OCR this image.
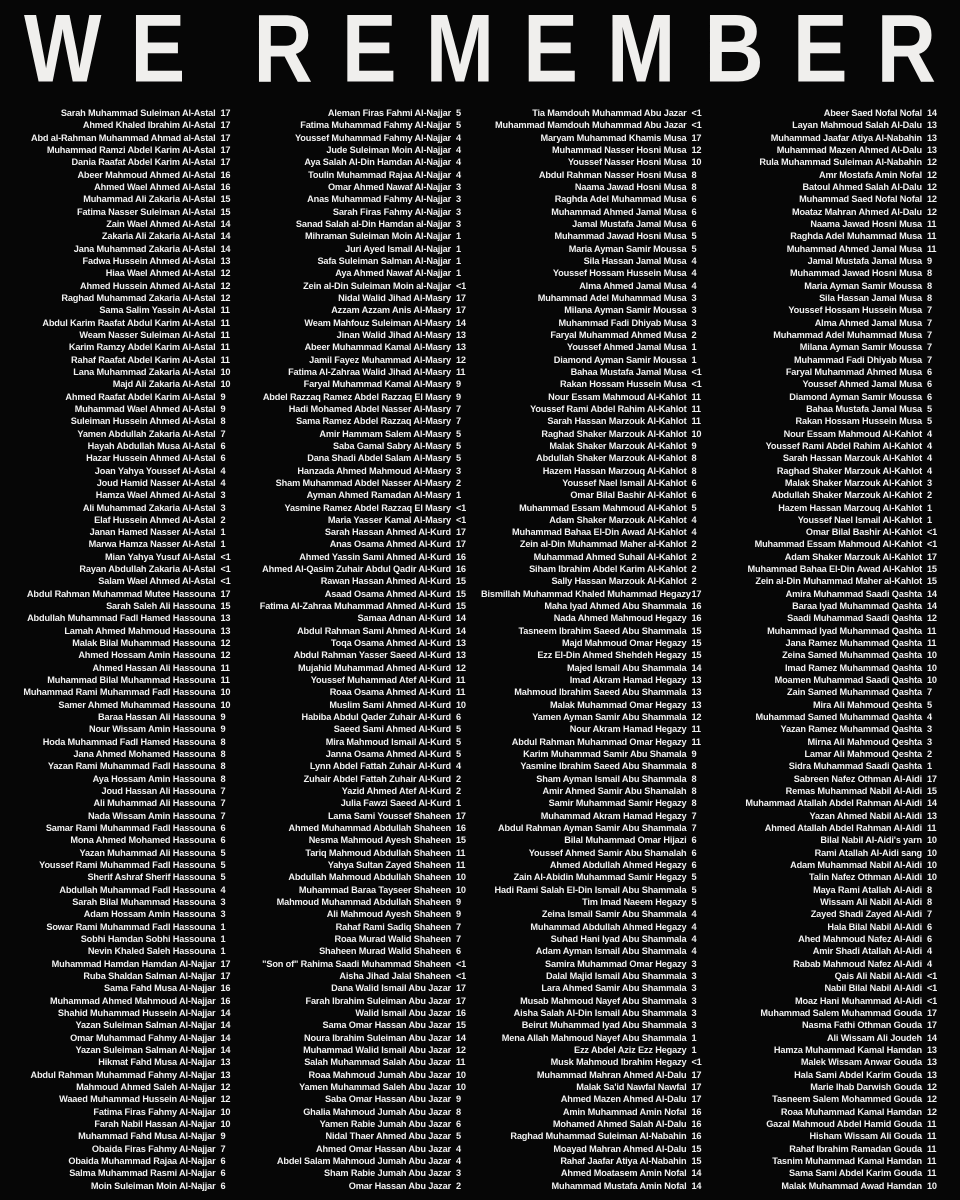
W E
R E M E M B E R
Sarah Muhammad Suleiman Al-Astal 17
Ahmed Khaled Ibrahim Al-Astal 17
Abd al-Rahman Muhammad Ahmad al-Astal 17
Muhammad Ramzi Abdel Karim Al-Astal 17
Dania Raafat Abdel Karim Al-Astal 17
Abeer Mahmoud Ahmed Al-Astal 16
Ahmed Wael Ahmed Al-Astal 16
Muhammad Ali Zakaria Al-Astal 15
Fatima Nasser Suleiman Al-Astal 15
Zain Wael Ahmed Al-Astal 14
Zakaria Ali Zakaria Al-Astal 14
Jana Muhammad Zakaria Al-Astal 14
Fadwa Hussein Ahmed Al-Astal 13
Hiaa Wael Ahmed Al-Astal 12
Ahmed Hussein Ahmed Al-Astal 12
Raghad Muhammad Zakaria Al-Astal 12
Sama Salim Yassin Al-Astal 11
Abdul Karim Raafat Abdul Karim Al-Astal 11
Weam Nasser Suleiman Al-Astal 11
Karim Ramzy Abdel Karim Al-Astal 11
Rahaf Raafat Abdel Karim Al-Astal 11
Lana Muhammad Zakaria Al-Astal 10
Majd Ali Zakaria Al-Astal 10
Ahmed Raafat Abdel Karim Al-Astal 9
Muhammad Wael Ahmed Al-Astal 9
Suleiman Hussein Ahmed Al-Astal 8
Yamen Abdullah Zakaria Al-Astal 7
Hayah Abdullah Musa Al-Astal 6
Hazar Hussein Ahmed Al-Astal 6
Joan Yahya Youssef Al-Astal 4
Joud Hamid Nasser Al-Astal 4
Hamza Wael Ahmed Al-Astal 3
Ali Muhammad Zakaria Al-Astal 3
Elaf Hussein Ahmed Al-Astal 2
Janan Hamed Nasser Al-Astal 1
Marwa Hamza Nasser Al-Astal 1
Mian Yahya Yusuf Al-Astal <1
Rayan Abdullah Zakaria Al-Astal <1
Salam Wael Ahmed Al-Astal <1
Abdul Rahman Muhammad Mutee Hassouna 17
Sarah Saleh Ali Hassouna 15
Abdullah Muhammad Fadl Hamed Hassouna 13
Lamah Ahmed Mahmoud Hassouna 13
Malak Bilal Muhammad Hassouna 12
Ahmed Hossam Amin Hassouna 12
Ahmed Hassan Ali Hassouna 11
Muhammad Bilal Muhammad Hassouna 11
Muhammad Rami Muhammad Fadl Hassouna 10
Samer Ahmed Muhammad Hassouna 10
Baraa Hassan Ali Hassouna 9
Nour Wissam Amin Hassouna 9
Hoda Muhammad Fadl Hamed Hassouna 8
Jana Ahmed Mohamed Hassouna 8
Yazan Rami Muhammad Fadl Hassouna 8
Aya Hossam Amin Hassouna 8
Joud Hassan Ali Hassouna 7
Ali Muhammad Ali Hassouna 7
Nada Wissam Amin Hassouna 7
Samar Rami Muhammad Fadl Hassouna 6
Mona Ahmed Mohamed Hassouna 6
Yazan Muhammad Ali Hassouna 5
Youssef Rami Muhammad Fadl Hassouna 5
Sherif Ashraf Sherif Hassouna 5
Abdullah Muhammad Fadl Hassouna 4
Sarah Bilal Muhammad Hassouna 3
Adam Hossam Amin Hassouna 3
Sowar Rami Muhammad Fadl Hassouna 1
Sobhi Hamdan Sobhi Hassouna 1
Nevin Khaled Saleh Hassouna 1
Muhammad Hamdan Hamdan Al-Najjar 17
Ruba Shaldan Salman Al-Najjar 17
Sama Fahd Musa Al-Najjar 16
Muhammad Ahmed Mahmoud Al-Najjar 16
Shahid Muhammad Hussein Al-Najjar 14
Yazan Suleiman Salman Al-Najjar 14
Omar Muhammad Fahmy Al-Najjar 14
Yazan Suleiman Salman Al-Najjar 14
Hikmat Fahd Musa Al-Najjar 13
Abdul Rahman Muhammad Fahmy Al-Najjar 13
Mahmoud Ahmed Saleh Al-Najjar 12
Waaed Muhammad Hussein Al-Najjar 12
Fatima Firas Fahmy Al-Najjar 10
Farah Nabil Hassan Al-Najjar 10
Muhammad Fahd Musa Al-Najjar 9
Obaida Firas Fahmy Al-Najjar 7
Obaida Muhammad Rajaa Al-Najjar 6
Salma Muhammad Rasmi Al-Najjar 6
Moin Suleiman Moin Al-Najjar 6
Aleman Firas Fahmi Al-Najjar 5
Fatima Muhammad Fahmy Al-Najjar 5
Youssef Muhammad Fahmy Al-Najjar 4
Jude Suleiman Moin Al-Najjar 4
Aya Salah Al-Din Hamdan Al-Najjar 4
Toulin Muhammad Rajaa Al-Najjar 4
Omar Ahmed Nawaf Al-Najjar 3
Anas Muhammad Fahmy Al-Najjar 3
Sarah Firas Fahmy Al-Najjar 3
Sanad Salah al-Din Hamdan al-Najjar 3
Mihraman Suleiman Moin Al-Najjar 1
Juri Ayed Ismail Al-Najjar 1
Safa Suleiman Salman Al-Najjar 1
Aya Ahmed Nawaf Al-Najjar 1
Zein al-Din Suleiman Moin al-Najjar <1
Nidal Walid Jihad Al-Masry 17
Azzam Azzam Anis Al-Masry 17
Weam Mahfouz Suleiman Al-Masry 14
Jinan Walid Jihad Al-Masry 13
Abeer Muhammad Kamal Al-Masry 13
Jamil Fayez Muhammad Al-Masry 12
Fatima Al-Zahraa Walid Jihad Al-Masry 11
Faryal Muhammad Kamal Al-Masry 9
Abdel Razzaq Ramez Abdel Razzaq El Masry 9
Hadi Mohamed Abdel Nasser Al-Masry 7
Sama Ramez Abdel Razzaq Al-Masry 7
Amir Hammam Salem Al-Masry 5
Saba Gamal Sabry Al-Masry 5
Dana Shadi Abdel Salam Al-Masry 5
Hanzada Ahmed Mahmoud Al-Masry 3
Sham Muhammad Abdel Nasser Al-Masry 2
Ayman Ahmed Ramadan Al-Masry 1
Yasmine Ramez Abdel Razzaq El Masry <1
Maria Yasser Kamal Al-Masry <1
Sarah Hassan Ahmed Al-Kurd 17
Anas Osama Ahmed Al-Kurd 17
Ahmed Yassin Sami Ahmed Al-Kurd 16
Ahmed Al-Qasim Zuhair Abdul Qadir Al-Kurd 16
Rawan Hassan Ahmed Al-Kurd 15
Asaad Osama Ahmed Al-Kurd 15
Fatima Al-Zahraa Muhammad Ahmed Al-Kurd 15
Samaa Adnan Al-Kurd 14
Abdul Rahman Sami Ahmed Al-Kurd 14
Toqa Osama Ahmed Al-Kurd 13
Abdul Rahman Yasser Saeed Al-Kurd 13
Mujahid Muhammad Ahmed Al-Kurd 12
Youssef Muhammad Atef Al-Kurd 11
Roaa Osama Ahmed Al-Kurd 11
Muslim Sami Ahmed Al-Kurd 10
Habiba Abdul Qader Zuhair Al-Kurd 6
Saeed Sami Ahmed Al-Kurd 5
Mira Mahmoud Ismail Al-Kurd 5
Janna Osama Ahmed Al-Kurd 5
Lynn Abdel Fattah Zuhair Al-Kurd 4
Zuhair Abdel Fattah Zuhair Al-Kurd 2
Yazid Ahmed Atef Al-Kurd 2
Julia Fawzi Saeed Al-Kurd 1
Lama Sami Youssef Shaheen 17
Ahmed Muhammad Abdullah Shaheen 16
Nesma Mahmoud Ayesh Shaheen 15
Tariq Mahmoud Abdullah Shaheen 11
Yahya Sultan Zayed Shaheen 11
Abdullah Mahmoud Abdullah Shaheen 10
Muhammad Baraa Tayseer Shaheen 10
Mahmoud Muhammad Abdullah Shaheen 9
Ali Mahmoud Ayesh Shaheen 9
Rahaf Rami Sadiq Shaheen 7
Roaa Murad Walid Shaheen 7
Shaheen Murad Walid Shaheen 6
"Son of" Rahima Saadi Muhammad Shaheen <1
Aisha Jihad Jalal Shaheen <1
Dana Walid Ismail Abu Jazar 17
Farah Ibrahim Suleiman Abu Jazar 17
Walid Ismail Abu Jazar 16
Sama Omar Hassan Abu Jazar 15
Noura Ibrahim Suleiman Abu Jazar 14
Muhammad Walid Ismail Abu Jazar 12
Salah Muhammad Salah Abu Jazar 11
Roaa Mahmoud Jumah Abu Jazar 10
Yamen Muhammad Saleh Abu Jazar 10
Saba Omar Hassan Abu Jazar 9
Ghalia Mahmoud Jumah Abu Jazar 8
Yamen Rabie Jumah Abu Jazar 6
Nidal Thaer Ahmed Abu Jazar 5
Ahmed Omar Hassan Abu Jazar 4
Abdel Salam Mahmoud Jumah Abu Jazar 4
Sham Rabie Jumah Abu Jazar 3
Omar Hassan Abu Jazar 2
Tia Mamdouh Muhammad Abu Jazar <1
Muhammad Mamdouh Muhammad Abu Jazar <1
Maryam Muhammad Khamis Musa 17
Muhammad Nasser Hosni Musa 12
Youssef Nasser Hosni Musa 10
Abdul Rahman Nasser Hosni Musa 8
Naama Jawad Hosni Musa 8
Raghda Adel Muhammad Musa 6
Muhammad Ahmed Jamal Musa 6
Jamal Mustafa Jamal Musa 6
Muhammad Jawad Hosni Musa 5
Maria Ayman Samir Moussa 5
Sila Hassan Jamal Musa 4
Youssef Hossam Hussein Musa 4
Alma Ahmed Jamal Musa 4
Muhammad Adel Muhammad Musa 3
Milana Ayman Samir Moussa 3
Muhammad Fadi Dhiyab Musa 3
Faryal Muhammad Ahmed Musa 2
Youssef Ahmed Jamal Musa 1
Diamond Ayman Samir Moussa 1
Bahaa Mustafa Jamal Musa <1
Rakan Hossam Hussein Musa <1
Nour Essam Mahmoud Al-Kahlot 11
Youssef Rami Abdel Rahim Al-Kahlot 11
Sarah Hassan Marzouk Al-Kahlot 11
Raghad Shaker Marzouk Al-Kahlot 10
Malak Shaker Marzouk Al-Kahlot 9
Abdullah Shaker Marzouk Al-Kahlot 8
Hazem Hassan Marzouq Al-Kahlot 8
Youssef Nael Ismail Al-Kahlot 6
Omar Bilal Bashir Al-Kahlot 6
Muhammad Essam Mahmoud Al-Kahlot 5
Adam Shaker Marzouk Al-Kahlot 4
Muhammad Bahaa El-Din Awad Al-Kahlot 4
Zein al-Din Muhammad Maher al-Kahlot 2
Muhammad Ahmed Suhail Al-Kahlot 2
Siham Ibrahim Abdel Karim Al-Kahlot 2
Sally Hassan Marzouk Al-Kahlot 2
Bismillah Muhammad Khaled Muhammad Hegazy 17
Maha Iyad Ahmed Abu Shammala 16
Nada Ahmed Mahmoud Hegazy 16
Tasneem Ibrahim Saeed Abu Shammala 15
Majd Mahmoud Omar Hegazy 15
Ezz El-Din Ahmed Shehdeh Hegazy 15
Majed Ismail Abu Shammala 14
Imad Akram Hamad Hegazy 13
Mahmoud Ibrahim Saeed Abu Shammala 13
Malak Muhammad Omar Hegazy 13
Yamen Ayman Samir Abu Shammala 12
Nour Akram Hamad Hegazy 11
Abdul Rahman Muhammad Omar Hegazy 11
Karim Muhammad Samir Abu Shamala 9
Yasmine Ibrahim Saeed Abu Shammala 8
Sham Ayman Ismail Abu Shammala 8
Amir Ahmed Samir Abu Shamalah 8
Samir Muhammad Samir Hegazy 8
Muhammad Akram Hamad Hegazy 7
Abdul Rahman Ayman Samir Abu Shammala 7
Bilal Muhammad Omar Hijazi 6
Youssef Ahmed Samir Abu Shamalah 6
Ahmed Abdullah Ahmed Hegazy 6
Zain Al-Abidin Muhammad Samir Hegazy 5
Hadi Rami Salah El-Din Ismail Abu Shammala 5
Tim Imad Naeem Hegazy 5
Zeina Ismail Samir Abu Shammala 4
Muhammad Abdullah Ahmed Hegazy 4
Suhad Hani Iyad Abu Shammala 4
Adam Ayman Ismail Abu Shammala 4
Samira Muhammad Omar Hegazy 3
Dalal Majid Ismail Abu Shammala 3
Lara Ahmed Samir Abu Shammala 3
Musab Mahmoud Nayef Abu Shammala 3
Aisha Salah Al-Din Ismail Abu Shammala 3
Beirut Muhammad Iyad Abu Shammala 3
Mena Allah Mahmoud Nayef Abu Shammala 1
Ezz Abdel Aziz Ezz Hegazy 1
Musk Mahmoud Ibrahim Hegazy <1
Muhammad Mahran Ahmed Al-Dalu 17
Malak Sa'id Nawfal Nawfal 17
Ahmed Mazen Ahmed Al-Dalu 17
Amin Muhammad Amin Nofal 16
Mohamed Ahmed Salah Al-Dalu 16
Raghad Muhammad Suleiman Al-Nabahin 16
Moayad Mahran Ahmed Al-Dalu 15
Rahaf Jaafar Atiya Al-Nabahin 15
Ahmed Moatasem Amin Nofal 14
Muhammad Mustafa Amin Nofal 14
Abeer Saed Nofal Nofal 14
Layan Mahmoud Salah Al-Dalu 13
Muhammad Jaafar Atiya Al-Nabahin 13
Muhammad Mazen Ahmed Al-Dalu 13
Rula Muhammad Suleiman Al-Nabahin 12
Amr Mostafa Amin Nofal 12
Batoul Ahmed Salah Al-Dalu 12
Muhammad Saed Nofal Nofal 12
Moataz Mahran Ahmed Al-Dalu 12
Naama Jawad Hosni Musa 11
Raghda Adel Muhammad Musa 11
Muhammad Ahmed Jamal Musa 11
Jamal Mustafa Jamal Musa 9
Muhammad Jawad Hosni Musa 8
Maria Ayman Samir Moussa 8
Sila Hassan Jamal Musa 8
Youssef Hossam Hussein Musa 7
Alma Ahmed Jamal Musa 7
Muhammad Adel Muhammad Musa 7
Milana Ayman Samir Moussa 7
Muhammad Fadi Dhiyab Musa 7
Faryal Muhammad Ahmed Musa 6
Youssef Ahmed Jamal Musa 6
Diamond Ayman Samir Moussa 6
Bahaa Mustafa Jamal Musa 5
Rakan Hossam Hussein Musa 5
Nour Essam Mahmoud Al-Kahlot 4
Youssef Rami Abdel Rahim Al-Kahlot 4
Sarah Hassan Marzouk Al-Kahlot 4
Raghad Shaker Marzouk Al-Kahlot 4
Malak Shaker Marzouk Al-Kahlot 3
Abdullah Shaker Marzouk Al-Kahlot 2
Hazem Hassan Marzouq Al-Kahlot 1
Youssef Nael Ismail Al-Kahlot 1
Omar Bilal Bashir Al-Kahlot <1
Muhammad Essam Mahmoud Al-Kahlot <1
Adam Shaker Marzouk Al-Kahlot 17
Muhammad Bahaa El-Din Awad Al-Kahlot 15
Zein al-Din Muhammad Maher al-Kahlot 15
Amira Muhammad Saadi Qashta 14
Baraa Iyad Muhammad Qashta 14
Saadi Muhammad Saadi Qashta 12
Muhammad Iyad Muhammad Qashta 11
Jana Ramez Muhammad Qashta 11
Zeina Samed Muhammad Qashta 10
Imad Ramez Muhammad Qashta 10
Moamen Muhammad Saadi Qashta 10
Zain Samed Muhammad Qashta 7
Mira Ali Mahmoud Qeshta 5
Muhammad Samed Muhammad Qashta 4
Yazan Ramez Muhammad Qashta 3
Mirna Ali Mahmoud Qeshta 3
Lamar Ali Mahmoud Qeshta 2
Sidra Muhammad Saadi Qashta 1
Sabreen Nafez Othman Al-Aidi 17
Remas Muhammad Nabil Al-Aidi 15
Muhammad Atallah Abdel Rahman Al-Aidi 14
Yazan Ahmed Nabil Al-Aidi 13
Ahmed Atallah Abdel Rahman Al-Aidi 11
Bilal Nabil Al-Aidi's yarn 10
Rami Atallah Al-Aidi sang 10
Adam Muhammad Nabil Al-Aidi 10
Talin Nafez Othman Al-Aidi 10
Maya Rami Atallah Al-Aidi 8
Wissam Ali Nabil Al-Aidi 8
Zayed Shadi Zayed Al-Aidi 7
Hala Bilal Nabil Al-Aidi 6
Ahed Mahmoud Nafez Al-Aidi 6
Amir Shadi Atallah Al-Aidi 4
Rabab Mahmoud Nafez Al-Aidi 4
Qais Ali Nabil Al-Aidi <1
Nabil Bilal Nabil Al-Aidi <1
Moaz Hani Muhammad Al-Aidi <1
Muhammad Salem Muhammad Gouda 17
Nasma Fathi Othman Gouda 17
Ali Wissam Ali Joudeh 14
Hamza Muhammad Kamal Hamdan 13
Malek Wissam Anwar Gouda 13
Hala Sami Abdel Karim Gouda 13
Marie Ihab Darwish Gouda 12
Tasneem Salem Mohammed Gouda 12
Roaa Muhammad Kamal Hamdan 12
Gazal Mahmoud Abdel Hamid Gouda 11
Hisham Wissam Ali Gouda 11
Rahaf Ibrahim Ramadan Gouda 11
Tasnim Muhammad Kamal Hamdan 11
Sama Sami Abdel Karim Gouda 11
Malak Muhammad Awad Hamdan 10
